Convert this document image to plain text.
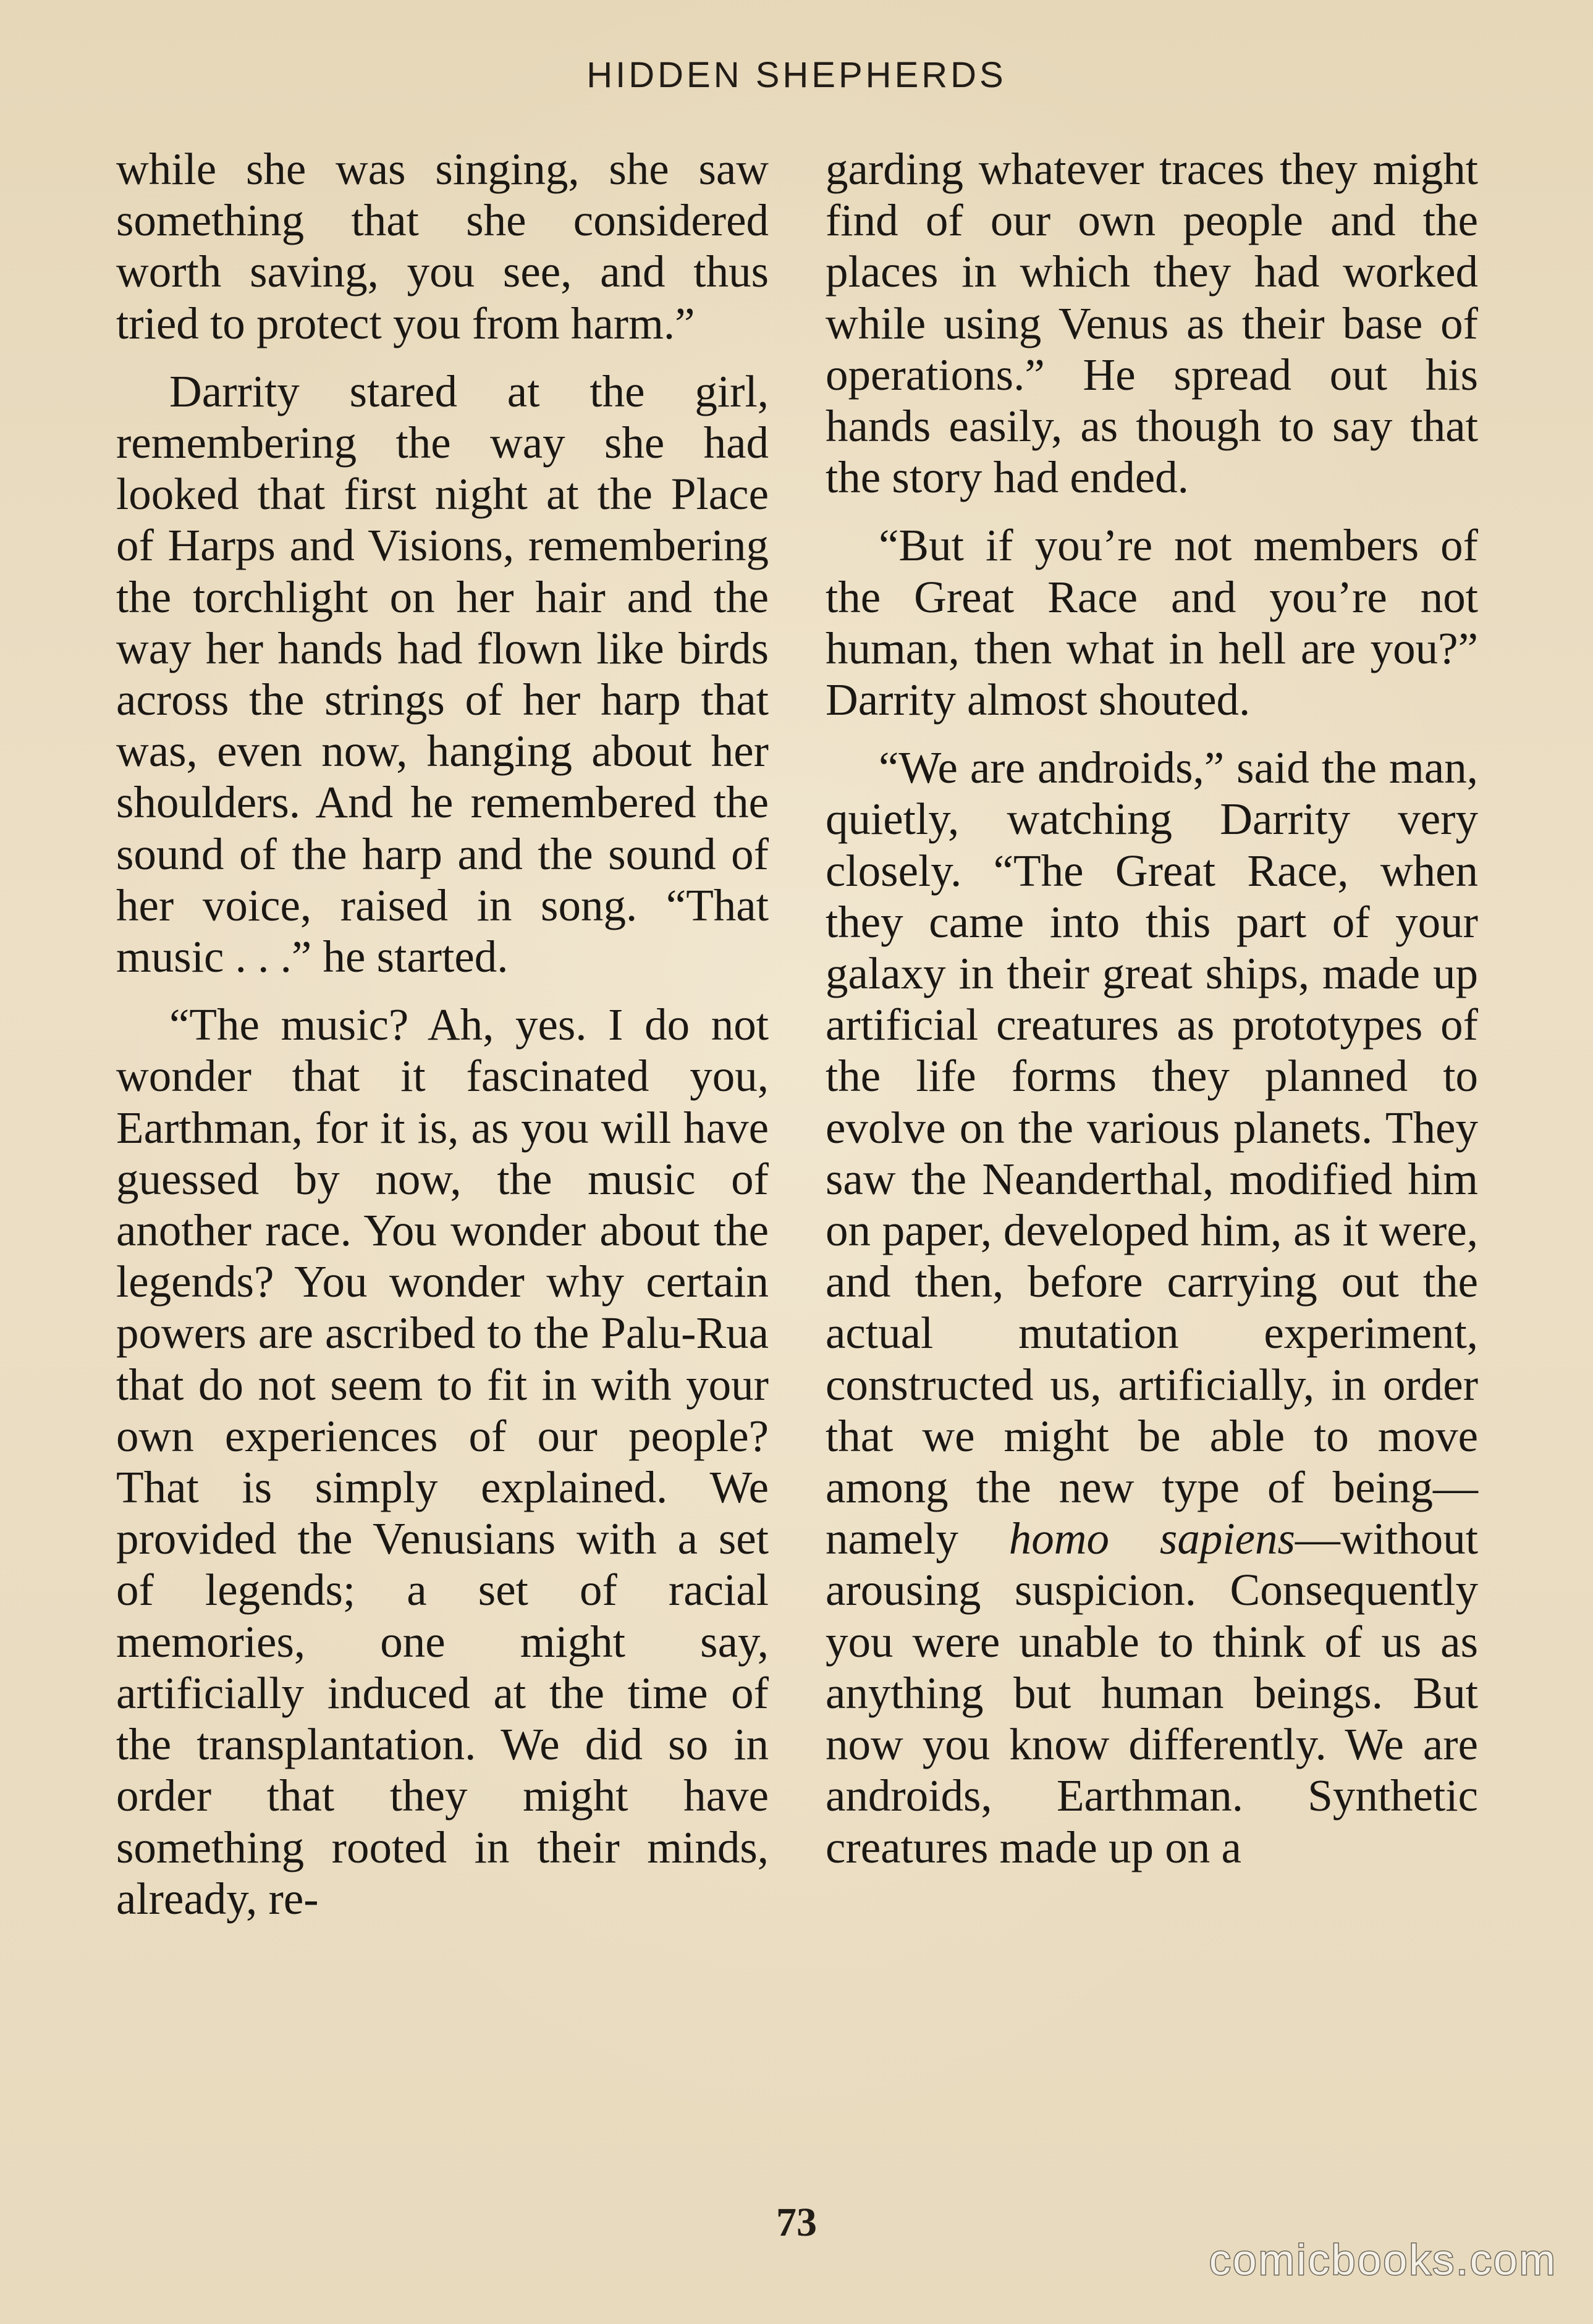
HIDDEN SHEPHERDS

while she was singing, she saw something that she considered worth saving, you see, and thus tried to protect you from harm.”

Darrity stared at the girl, remembering the way she had looked that first night at the Place of Harps and Visions, remembering the torchlight on her hair and the way her hands had flown like birds across the strings of her harp that was, even now, hanging about her shoulders. And he remembered the sound of the harp and the sound of her voice, raised in song. “That music . . .” he started.

“The music? Ah, yes. I do not wonder that it fascinated you, Earthman, for it is, as you will have guessed by now, the music of another race. You wonder about the legends? You wonder why certain powers are ascribed to the Palu-Rua that do not seem to fit in with your own experiences of our people? That is simply explained. We provided the Venusians with a set of legends; a set of racial memories, one might say, artificially induced at the time of the transplantation. We did so in order that they might have something rooted in their minds, already, re-

garding whatever traces they might find of our own people and the places in which they had worked while using Venus as their base of operations.” He spread out his hands easily, as though to say that the story had ended.

“But if you’re not members of the Great Race and you’re not human, then what in hell are you?” Darrity almost shouted.

“We are androids,” said the man, quietly, watching Darrity very closely. “The Great Race, when they came into this part of your galaxy in their great ships, made up artificial creatures as prototypes of the life forms they planned to evolve on the various planets. They saw the Neanderthal, modified him on paper, developed him, as it were, and then, before carrying out the actual mutation experiment, constructed us, artificially, in order that we might be able to move among the new type of being—namely homo sapiens—without arousing suspicion. Consequently you were unable to think of us as anything but human beings. But now you know differently. We are androids, Earthman. Synthetic creatures made up on a

73
comicbooks.com
